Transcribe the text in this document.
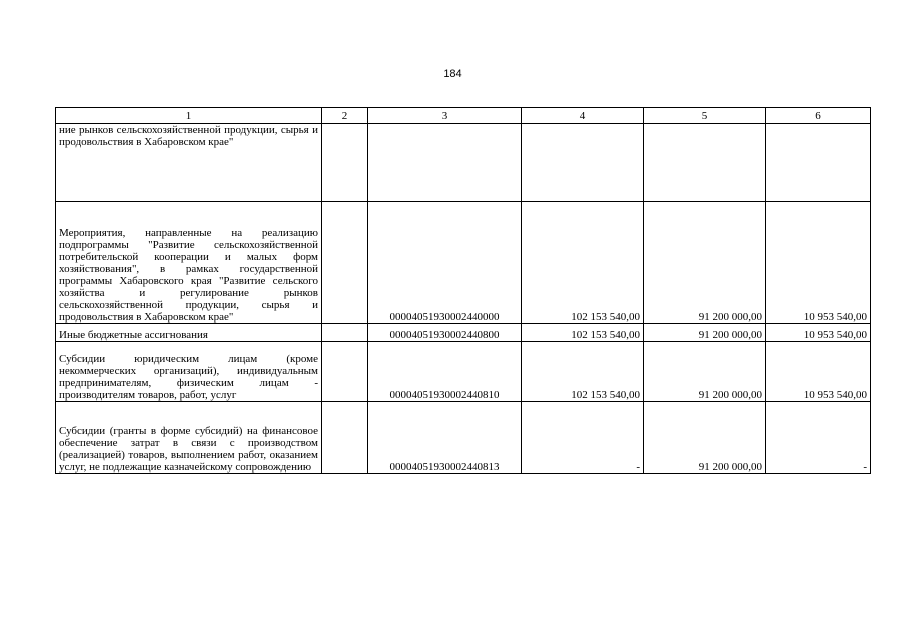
184
1	2	3	4	5	6

ние рынков сельскохозяйственной продукции, сырья и продовольствия в Хабаровском крае"					

Мероприятия, направленные на реализацию подпрограммы "Развитие сельскохозяйственной потребительской кооперации и малых форм хозяйствования", в рамках государственной программы Хабаровского края "Развитие сельского хозяйства и регулирование рынков сельскохозяйственной продукции, сырья и продовольствия в Хабаровском крае"		00004051930002440000	102 153 540,00	91 200 000,00	10 953 540,00

Иные бюджетные ассигнования		00004051930002440800	102 153 540,00	91 200 000,00	10 953 540,00

Субсидии юридическим лицам (кроме некоммерческих организаций), индивидуальным предпринимателям, физическим лицам - производителям товаров, работ, услуг		00004051930002440810	102 153 540,00	91 200 000,00	10 953 540,00

Субсидии (гранты в форме субсидий) на финансовое обеспечение затрат в связи с производством (реализацией) товаров, выполнением работ, оказанием услуг, не подлежащие казначейскому сопровождению		00004051930002440813	-	91 200 000,00	-
